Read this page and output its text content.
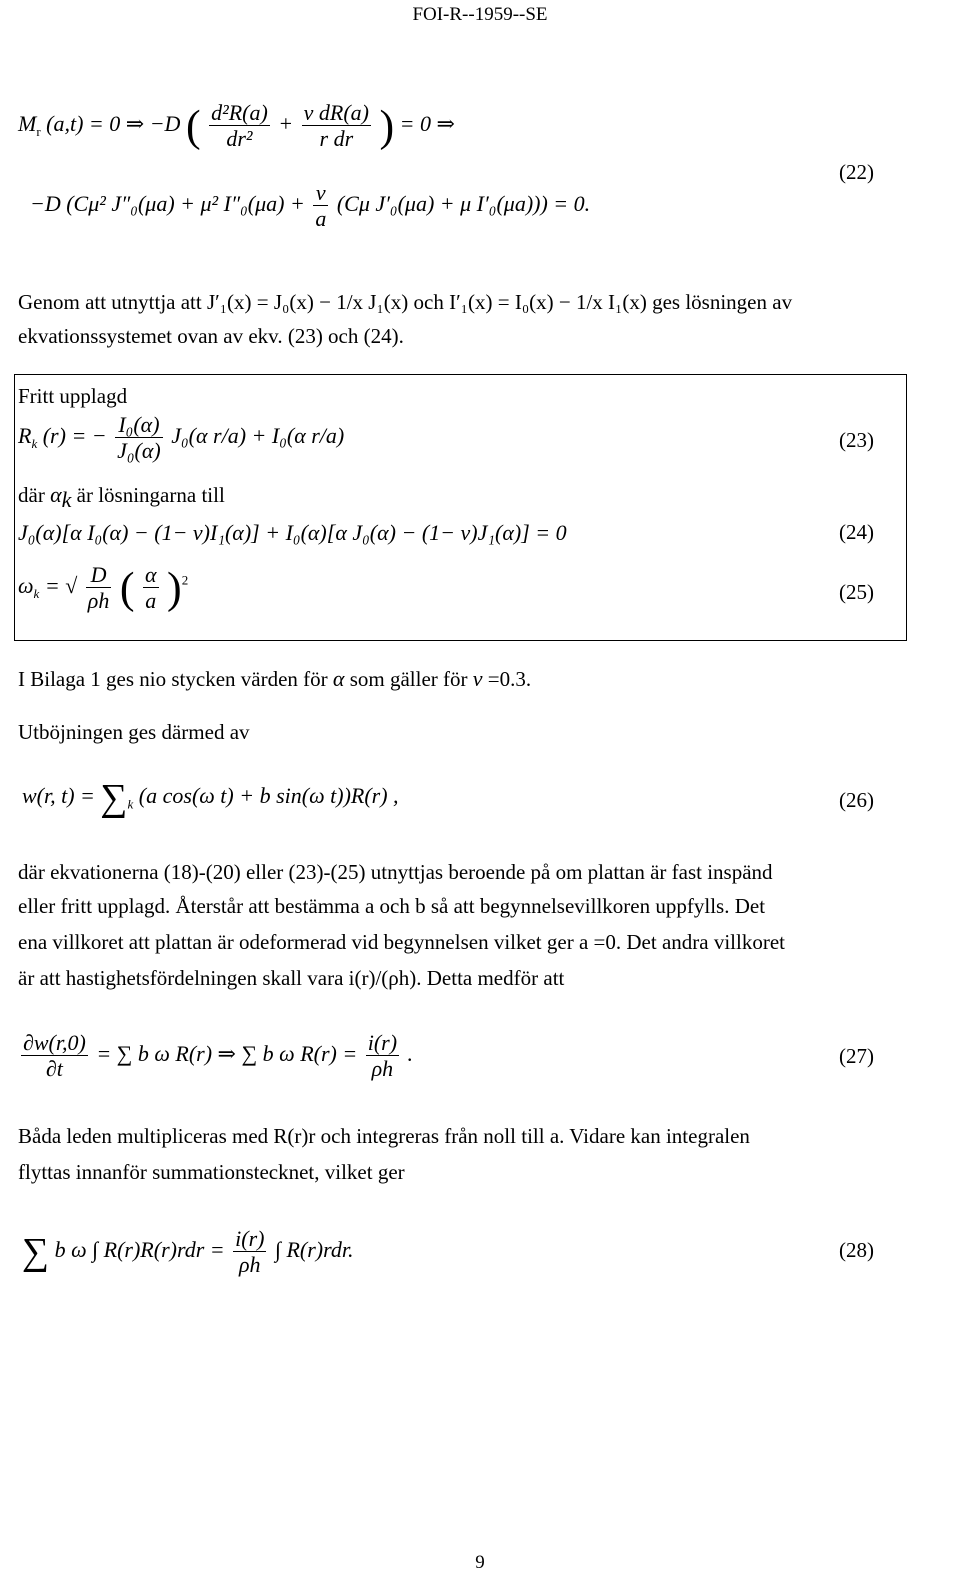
FOI-R--1959--SE
$M_r$ (a,t) = 0 ⇒ −D ( $\frac{\text{d²R(a)}}{\text{dr²}} + \frac{\text{ν dR(a)}}{\text{r dr}}$ ) = 0 ⇒
−D (Cμ² J″₀(μa) + μ² $I''_0(\mu a) + \frac{\nu}{a} (C\mu$ J′₀(μa) + μ I′₀(μa))) = 0.
(22)
Genom att utnyttja att J′₁(x) = J₀(x) − 1/x J₁(x) och I′₁(x) = I₀(x) − 1/x I₁(x) ges lösningen av
ekvationssystemet ovan av ekv. (23) och (24).
Fritt upplagd
$R_k$ (r) = − $\frac{\text{I₀(α)}}{\text{J₀(α)}} J_0(\alpha$ r/a) + I₀(α r/a)	(23)
där $\alpha_k$ är lösningarna till
J₀(α)[α I₀(α) − (1− ν)I₁(α)] + I₀(α)[α J₀(α) − (1− ν)J₁(α)] = 0	(24)
$\omega_k$ = √ $\frac{D}{\rho h}$ ( $\frac{\alpha}{a} )^2$	(25)
I Bilaga 1 ges nio stycken värden för α som gäller för ν =0.3.
Utböjningen ges därmed av
w(r, $t) = \sum_k$ (a cos(ω t) + b sin(ω t))R(r) ,	(26)
där ekvationerna (18)-(20) eller (23)-(25) utnyttjas beroende på om plattan är fast inspänd
eller fritt upplagd. Återstår att bestämma a och b så att begynnelsevillkoren uppfylls. Det
ena villkoret att plattan är odeformerad vid begynnelsen vilket ger a =0. Det andra villkoret
är att hastighetsfördelningen skall vara i(r)/(ρh). Detta medför att
$\frac{\partial w(r,0)}{\partial t}$ = ∑ b ω R(r) ⇒ ∑ b ω $R(r) = \frac{i(r)}{\rho h}$ .	(27)
Båda leden multipliceras med R(r)r och integreras från noll till a. Vidare kan integralen
flyttas innanför summationstecknet, vilket ger
∑ b ω ∫ $R(r)R(r)rdr = \frac{i(r)}{\rho h}$ ∫ R(r)rdr.	(28)
9
